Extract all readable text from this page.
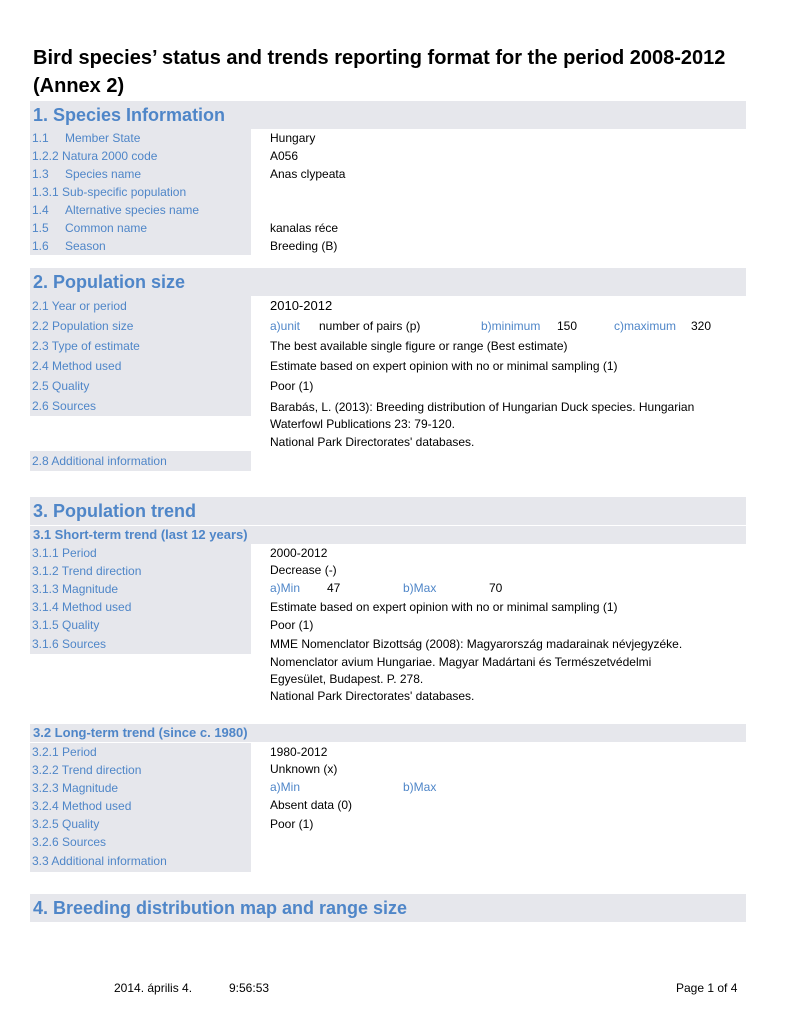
Bird species’ status and trends reporting format for the period 2008-2012 (Annex 2)
1. Species Information
1.1 Member State	Hungary
1.2.2 Natura 2000 code	A056
1.3 Species name	Anas clypeata
1.3.1 Sub-specific population
1.4 Alternative species name
1.5 Common name	kanalas réce
1.6 Season	Breeding (B)
2. Population size
2.1 Year or period	2010-2012
2.2 Population size	a)unit number of pairs (p)	b)minimum 150	c)maximum 320
2.3 Type of estimate	The best available single figure or range (Best estimate)
2.4 Method used	Estimate based on expert opinion with no or minimal sampling (1)
2.5 Quality	Poor (1)
2.6 Sources	Barabás, L. (2013): Breeding distribution of Hungarian Duck species. Hungarian
Waterfowl Publications 23: 79-120.
National Park Directorates' databases.
2.8 Additional information
3. Population trend
3.1 Short-term trend (last 12 years)
3.1.1 Period	2000-2012
3.1.2 Trend direction	Decrease (-)
3.1.3 Magnitude	a)Min 47	b)Max	70
3.1.4 Method used	Estimate based on expert opinion with no or minimal sampling (1)
3.1.5 Quality	Poor (1)
3.1.6 Sources	MME Nomenclator Bizottság (2008): Magyarország madarainak névjegyzéke.
Nomenclator avium Hungariae. Magyar Madártani és Természetvédelmi
Egyesület, Budapest. P. 278.
National Park Directorates' databases.
3.2 Long-term trend (since c. 1980)
3.2.1 Period	1980-2012
3.2.2 Trend direction	Unknown (x)
3.2.3 Magnitude	a)Min	b)Max
3.2.4 Method used	Absent data (0)
3.2.5 Quality	Poor (1)
3.2.6 Sources
3.3 Additional information
4. Breeding distribution map and range size
2014. április 4.	9:56:53	Page 1 of 4
